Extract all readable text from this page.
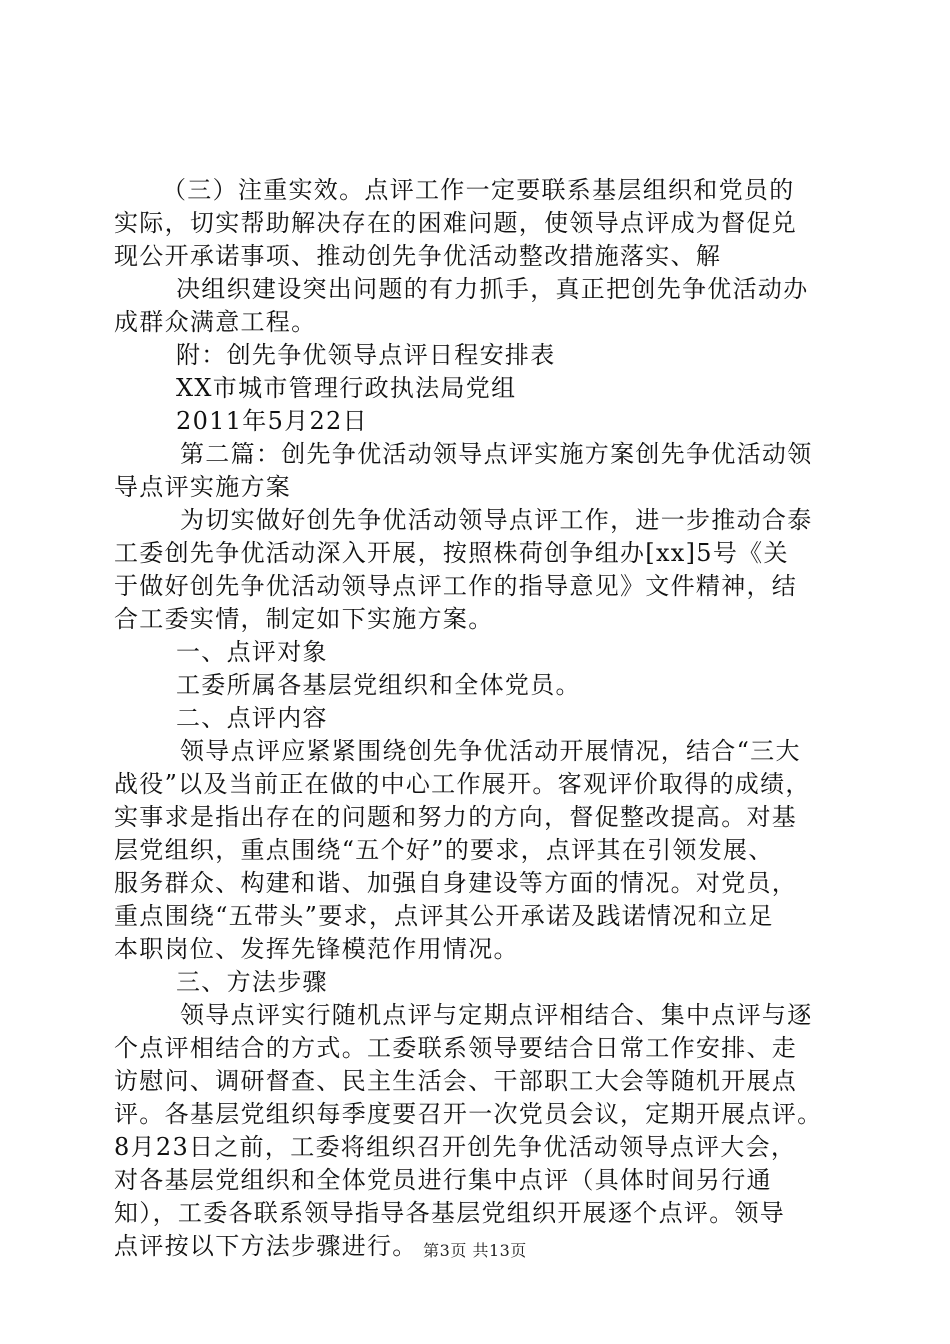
（三）注重实效。点评工作一定要联系基层组织和党员的
实际，切实帮助解决存在的困难问题，使领导点评成为督促兑
现公开承诺事项、推动创先争优活动整改措施落实、解
决组织建设突出问题的有力抓手，真正把创先争优活动办
成群众满意工程。
附：创先争优领导点评日程安排表
XX市城市管理行政执法局党组
2011年5月22日
第二篇：创先争优活动领导点评实施方案创先争优活动领
导点评实施方案
为切实做好创先争优活动领导点评工作，进一步推动合泰
工委创先争优活动深入开展，按照株荷创争组办[xx]5号《关
于做好创先争优活动领导点评工作的指导意见》文件精神，结
合工委实情，制定如下实施方案。
一、点评对象
工委所属各基层党组织和全体党员。
二、点评内容
领导点评应紧紧围绕创先争优活动开展情况，结合“三大
战役”以及当前正在做的中心工作展开。客观评价取得的成绩，
实事求是指出存在的问题和努力的方向，督促整改提高。对基
层党组织，重点围绕“五个好”的要求，点评其在引领发展、
服务群众、构建和谐、加强自身建设等方面的情况。对党员，
重点围绕“五带头”要求，点评其公开承诺及践诺情况和立足
本职岗位、发挥先锋模范作用情况。
三、方法步骤
领导点评实行随机点评与定期点评相结合、集中点评与逐
个点评相结合的方式。工委联系领导要结合日常工作安排、走
访慰问、调研督查、民主生活会、干部职工大会等随机开展点
评。各基层党组织每季度要召开一次党员会议，定期开展点评。
8月23日之前，工委将组织召开创先争优活动领导点评大会，
对各基层党组织和全体党员进行集中点评（具体时间另行通
知），工委各联系领导指导各基层党组织开展逐个点评。领导
点评按以下方法步骤进行。 第3页 共13页
